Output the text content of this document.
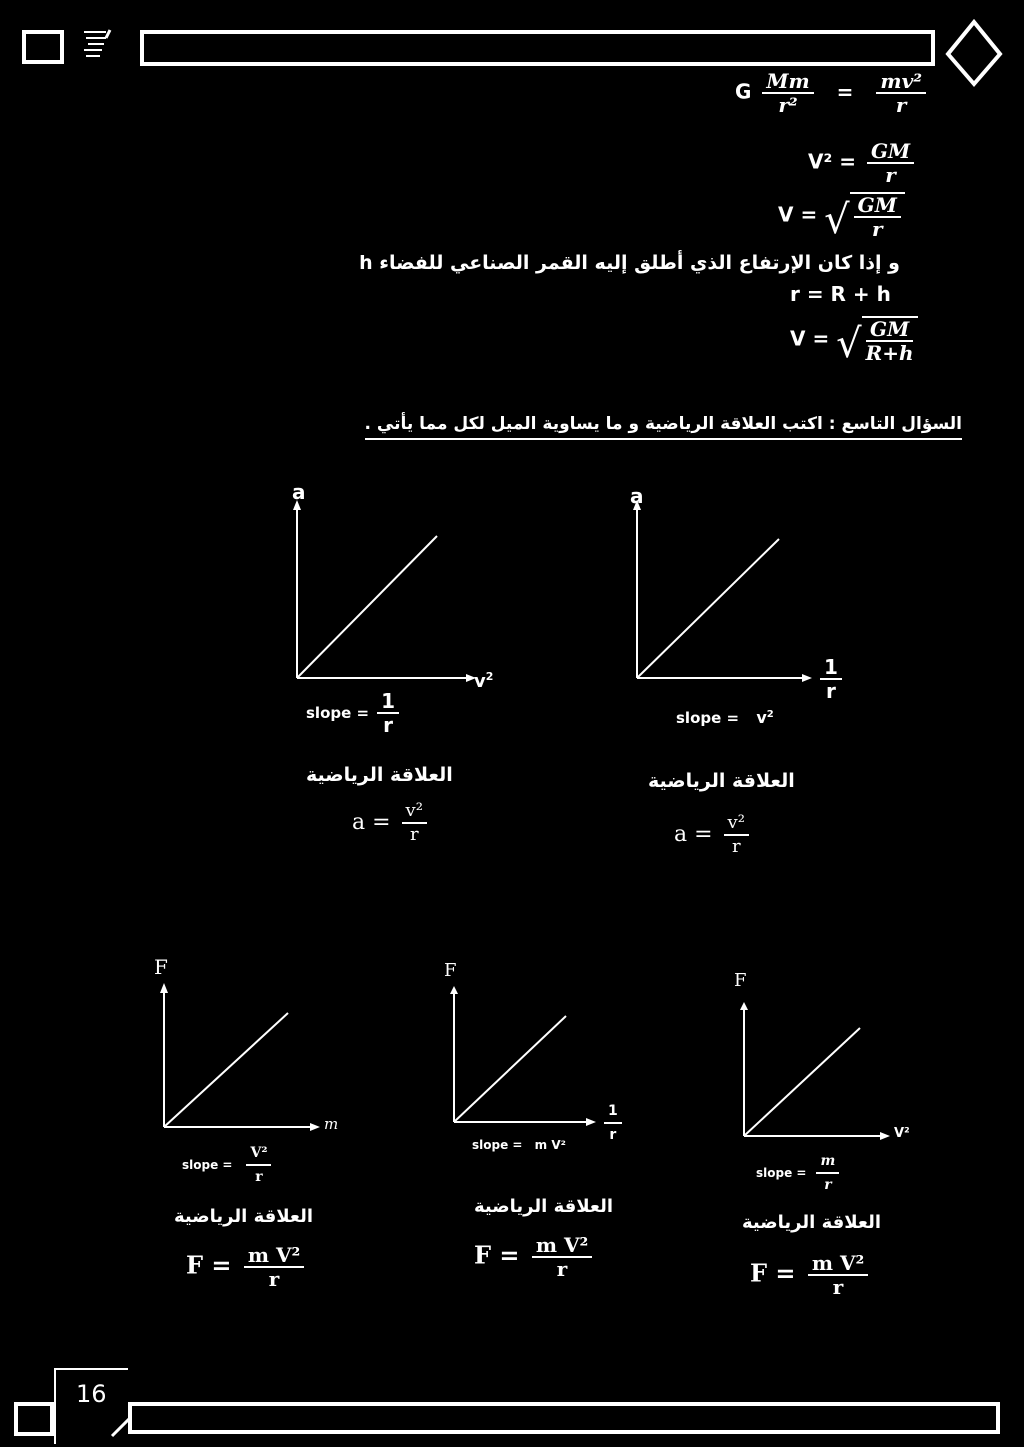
G $\frac{Mm}{\text{r²}} = \frac{\text{mv²}}{r}$
$V^2 = \frac{GM}{r}$
V = √ $\frac{GM}{r}$
و إذا كان الإرتفاع الذي أطلق إليه القمر الصناعي للفضاء h
r = R + h
V = √ $\frac{GM}{R+h}$
السؤال التاسع : اكتب العلاقة الرياضية و ما يساوية الميل لكل مما يأتي .
a
$v^2$
slope = $\frac{1}{r}$
العلاقة الرياضية
$a = \frac{\text{v²}}{r}$
a
$\frac{1}{r}$
slope = $v^2$
العلاقة الرياضية
$a = \frac{\text{v²}}{r}$
F
m
slope = $\frac{\text{V²}}{r}$
العلاقة الرياضية
$F = \frac{\text{m V²}}{r}$
F
$\frac{1}{r}$
slope = m V²
العلاقة الرياضية
$F = \frac{\text{m V²}}{r}$
F
V²
slope = $\frac{m}{r}$
العلاقة الرياضية
$F = \frac{\text{m V²}}{r}$
16
